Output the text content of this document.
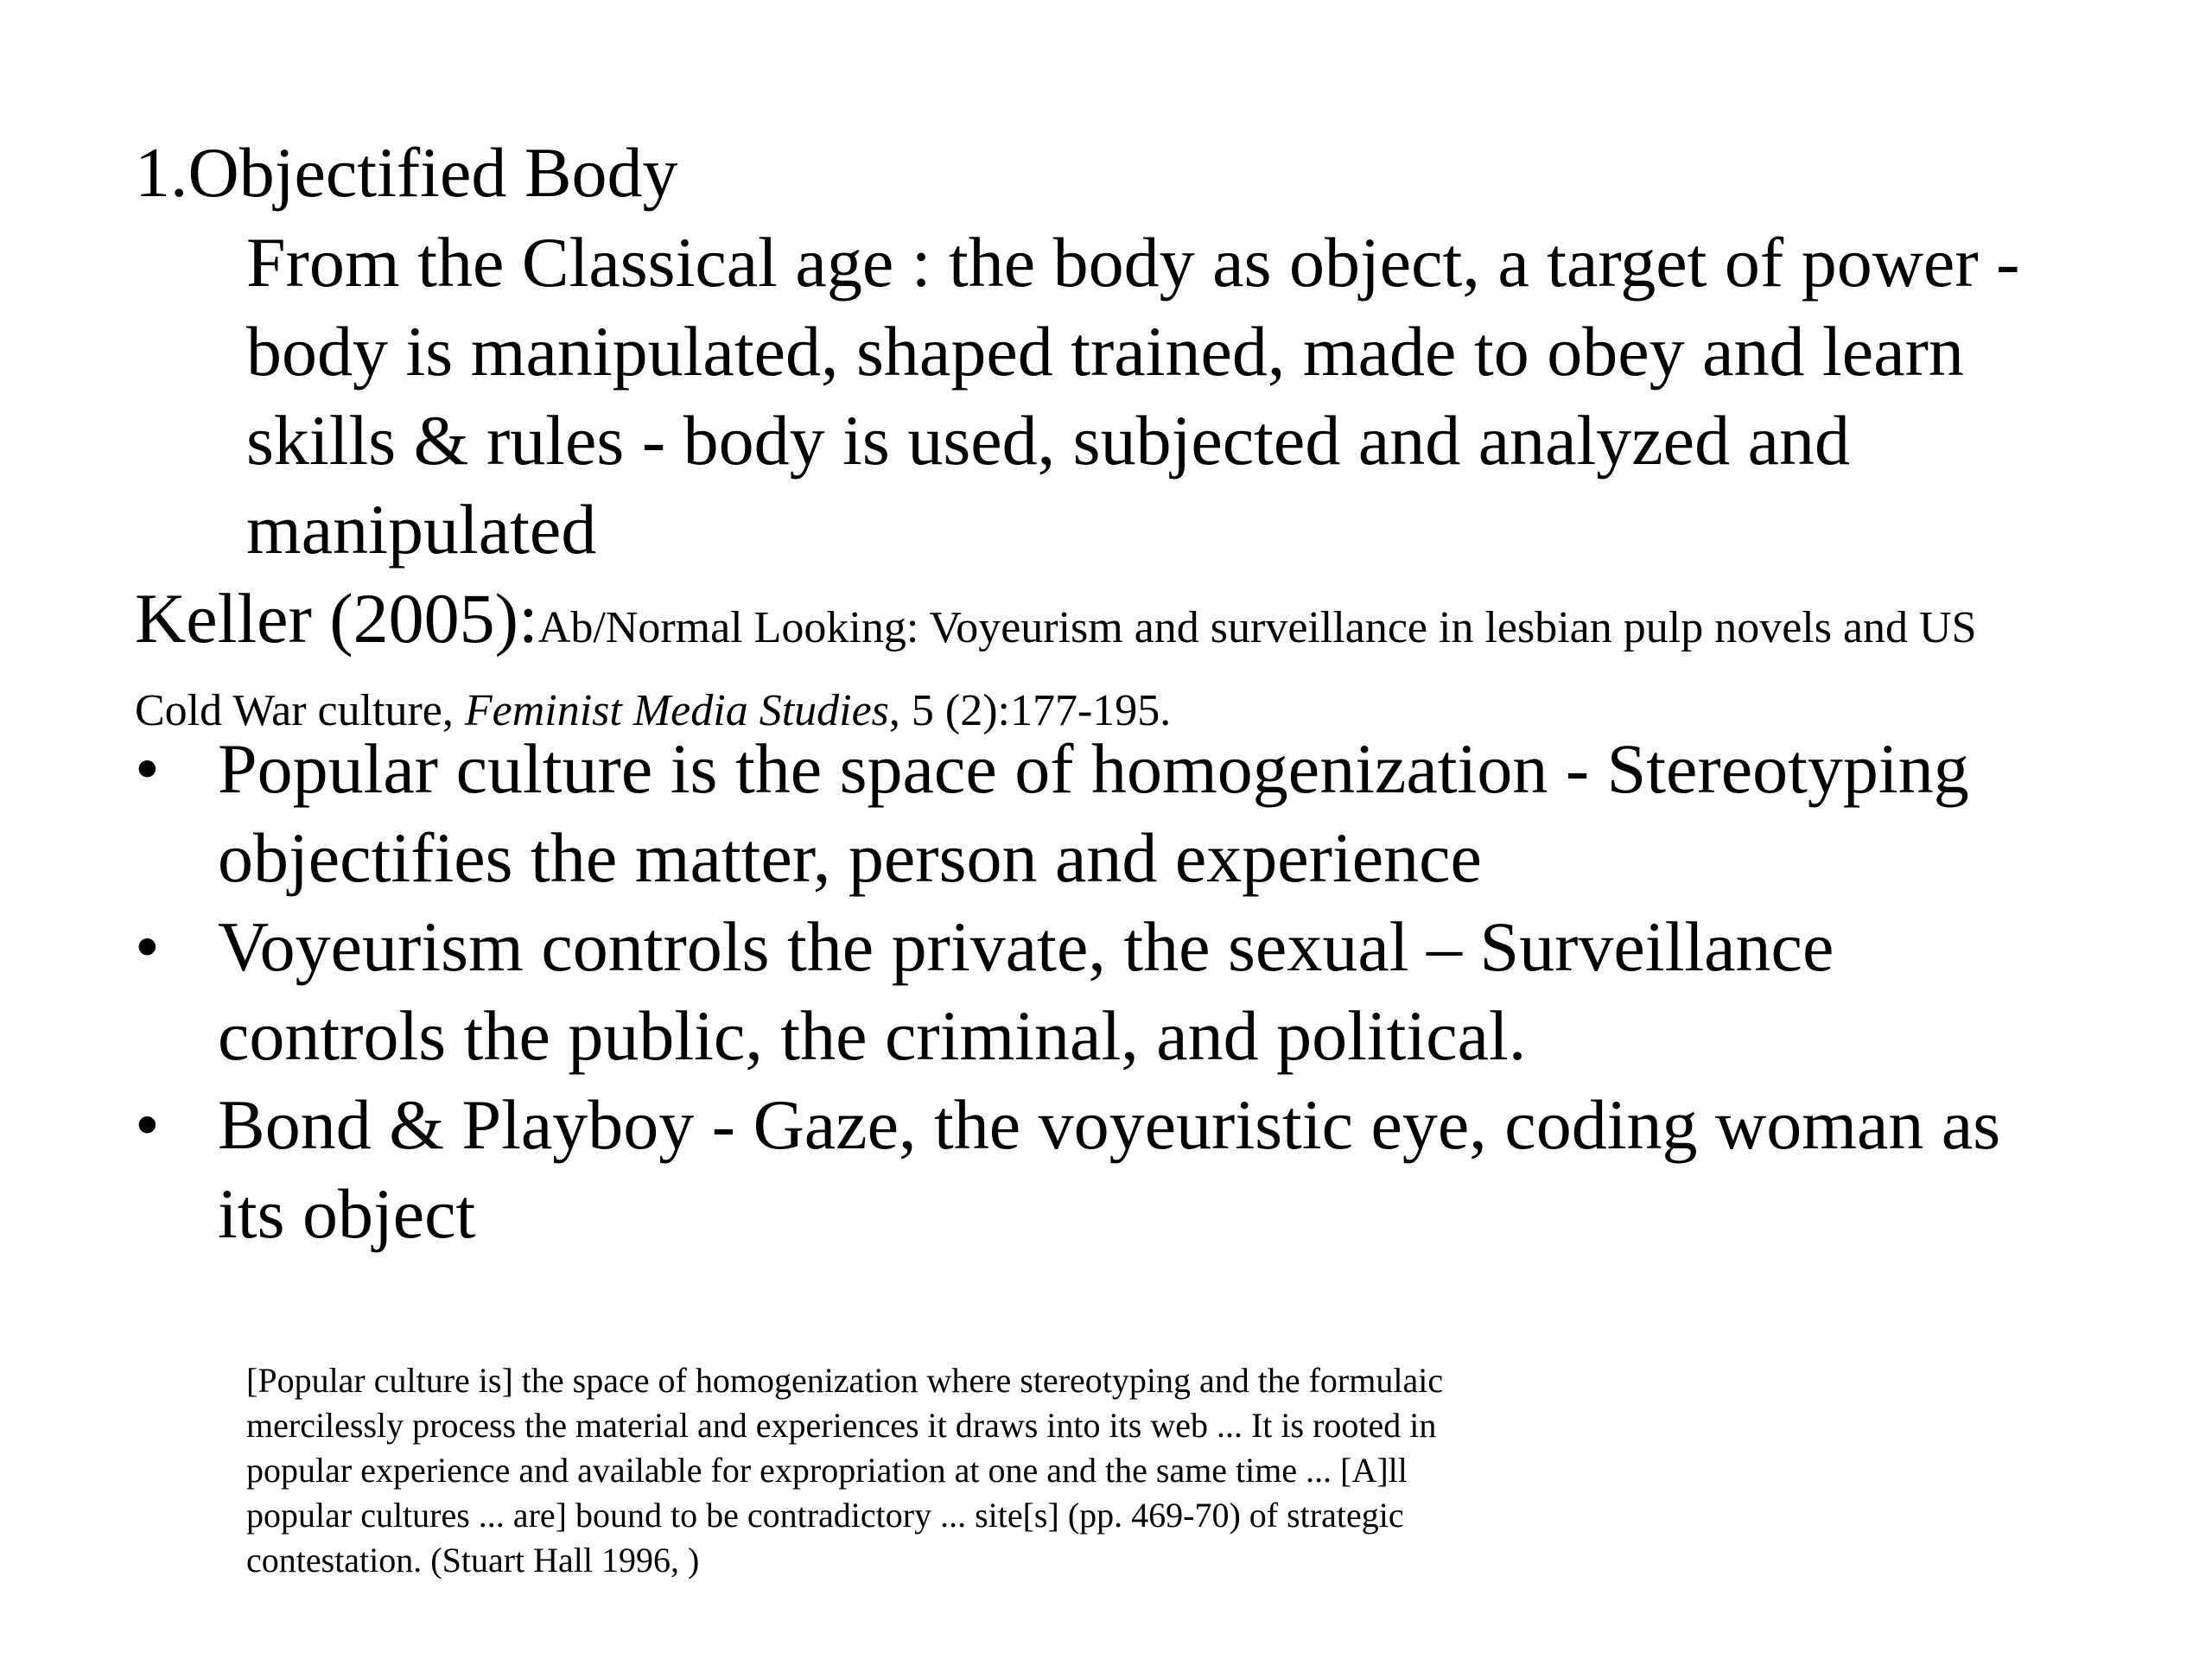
1.Objectified Body
From the Classical age : the body as object, a target of power -
body is manipulated, shaped trained, made to obey and learn
skills & rules - body is used, subjected and analyzed and
manipulated
Keller (2005):Ab/Normal Looking: Voyeurism and surveillance in lesbian pulp novels and US
Cold War culture, Feminist Media Studies, 5 (2):177-195.
• Popular culture is the space of homogenization - Stereotyping
objectifies the matter, person and experience
• Voyeurism controls the private, the sexual – Surveillance
controls the public, the criminal, and political.
• Bond & Playboy - Gaze, the voyeuristic eye, coding woman as
its object
[Popular culture is] the space of homogenization where stereotyping and the formulaic
mercilessly process the material and experiences it draws into its web ... It is rooted in
popular experience and available for expropriation at one and the same time ... [A]ll
popular cultures ... are] bound to be contradictory ... site[s] (pp. 469-70) of strategic
contestation. (Stuart Hall 1996, )
